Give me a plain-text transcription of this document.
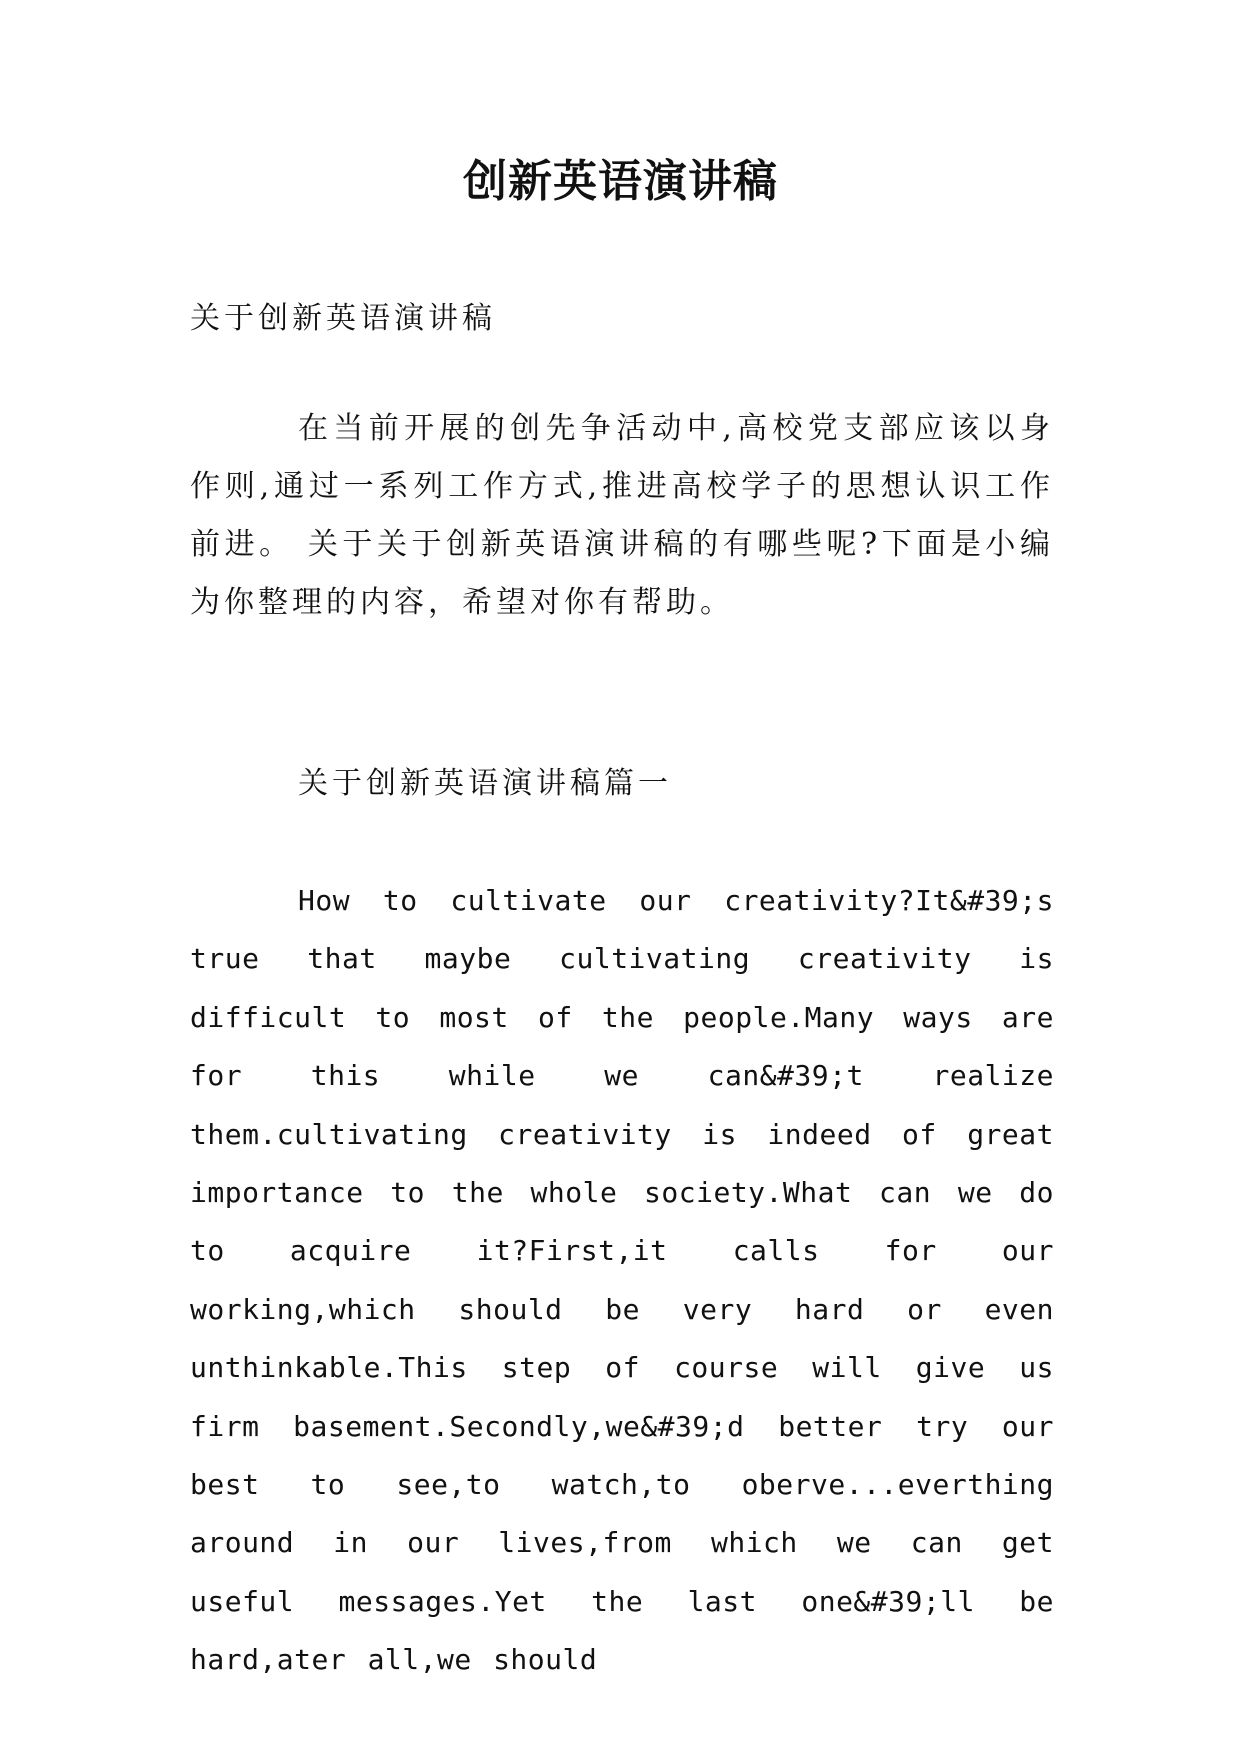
创新英语演讲稿

关于创新英语演讲稿

在当前开展的创先争活动中,高校党支部应该以身作则,通过一系列工作方式,推进高校学子的思想认识工作前进。 关于关于创新英语演讲稿的有哪些呢?下面是小编为你整理的内容，希望对你有帮助。

关于创新英语演讲稿篇一

How to cultivate our creativity?It&#39;s true that maybe cultivating creativity is difficult to most of the people.Many ways are for this while we can&#39;t realize them.cultivating creativity is indeed of great importance to the whole society.What can we do to acquire it?First,it calls for our working,which should be very hard or even unthinkable.This step of course will give us firm basement.Secondly,we&#39;d better try our best to see,to watch,to oberve...everthing around in our lives,from which we can get useful messages.Yet the last one&#39;ll be hard,ater all,we should
